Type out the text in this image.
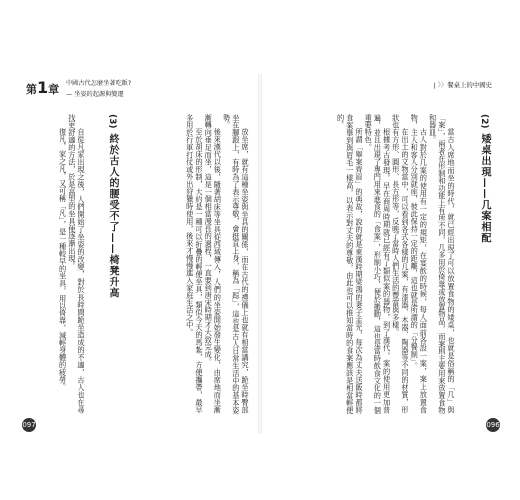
第1章 中國古代怎麼坐著吃飯?
— 坐姿的起源與變遷

放坐席，就有這種坐姿與坐具的關係，而在古代的禮儀上也就有相當講究，跪坐時臀部坐在腳跟上，有時為了表示尊敬，會挺直上身，稱為「跽」，這也是古人日常生活中的基本姿勢。

後來漢代以後，隨著胡床等坐具從西域傳入，人們的坐姿開始發生變化，由席地而坐漸漸轉向垂足而坐，這是一個相當漫長的過程，一直要到唐宋時期才大致完成。

至於胡床的形制，大約是一種可以折疊的輕便坐具，類似今天的馬紮，方便攜帶，最早多用於行軍打仗或外出狩獵時使用，後來才慢慢進入家庭生活之中。

(3) 終於古人的腰受不了——椅凳升高

自從凡家出現之後，人們開始了坐姿的改變，對於長時間跪坐造成的不適，古人也在尋找更舒適的方法，於是高型的坐具便逐漸出現。

復凡，家之凡，又可稱「凡」，是一種較早的坐具，用以倚靠，減輕身體的疲勞。

097
| 〉〉餐桌上的中國史
(2) 矮桌出現——几案相配

當古人席地而坐的時代，就已經出現了可以放置食物的矮桌，也就是俗稱的「几」與「案」，兩者在形制和功能上有所不同，几多用於倚靠或放置物品，而案則主要用來放置食物和器皿。

古人對於几案的使用有一定的規矩，在宴飲的時候，每人面前各設一案，案上放置食物，主人和客人分別就座，彼此保持一定的距離，這也就是所謂的「分餐制」。

在出土的文物當中，可以看到各式各樣的几案，有漆器、木器、陶器等不同的材質，形狀也有方形、圓形、長方形等，反映了當時人們生活的豐富與多樣。

根據考古發現，早在商周時期就已經有了類似案的器物，到了漢代，案的使用更加普遍，並且出現了專門用來進食的「食案」，形制小巧，便於搬動，這也是當時飲食文化的一個重要特色。

所謂「舉案齊眉」的典故，說的就是東漢時期梁鴻的妻子孟光，每次為丈夫送飯時都將食案舉到與眉毛一樣高，以表示對丈夫的尊敬，由此也可以推知當時的食案應該是相當輕便的。

096
